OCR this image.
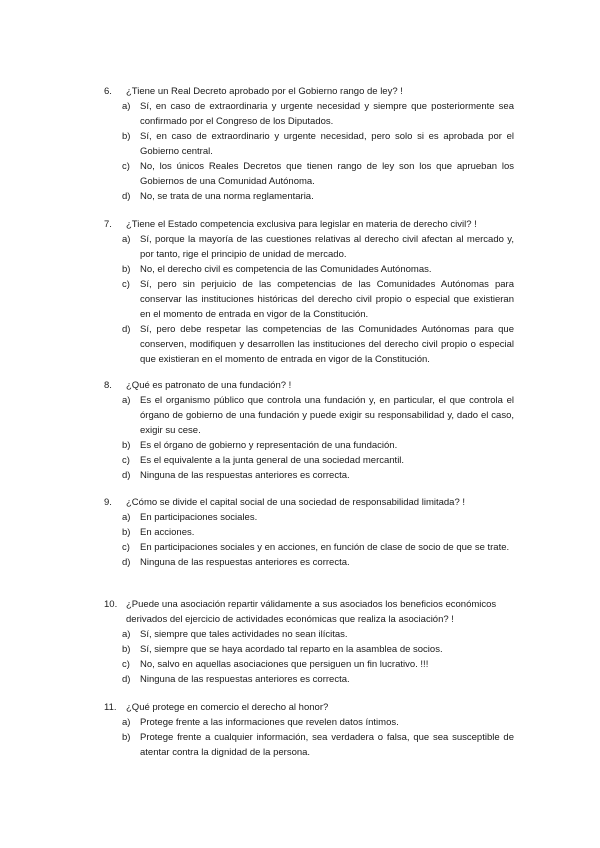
6.	¿Tiene un Real Decreto aprobado por el Gobierno rango de ley? !
a)	Sí, en caso de extraordinaria y urgente necesidad y siempre que posteriormente sea confirmado por el Congreso de los Diputados.
b)	Sí, en caso de extraordinario y urgente necesidad, pero solo si es aprobada por el Gobierno central.
c)	No, los únicos Reales Decretos que tienen rango de ley son los que aprueban los Gobiernos de una Comunidad Autónoma.
d)	No, se trata de una norma reglamentaria.
7.	¿Tiene el Estado competencia exclusiva para legislar en materia de derecho civil? !
a)	Sí, porque la mayoría de las cuestiones relativas al derecho civil afectan al mercado y, por tanto, rige el principio de unidad de mercado.
b)	No, el derecho civil es competencia de las Comunidades Autónomas.
c)	Sí, pero sin perjuicio de las competencias de las Comunidades Autónomas para conservar las instituciones históricas del derecho civil propio o especial que existieran en el momento de entrada en vigor de la Constitución.
d)	Sí, pero debe respetar las competencias de las Comunidades Autónomas para que conserven, modifiquen y desarrollen las instituciones del derecho civil propio o especial que existieran en el momento de entrada en vigor de la Constitución.
8.	¿Qué es patronato de una fundación? !
a)	Es el organismo público que controla una fundación y, en particular, el que controla el órgano de gobierno de una fundación y puede exigir su responsabilidad y, dado el caso, exigir su cese.
b)	Es el órgano de gobierno y representación de una fundación.
c)	Es el equivalente a la junta general de una sociedad mercantil.
d)	Ninguna de las respuestas anteriores es correcta.
9.	¿Cómo se divide el capital social de una sociedad de responsabilidad limitada? !
a)	En participaciones sociales.
b)	En acciones.
c)	En participaciones sociales y en acciones, en función de clase de socio de que se trate.
d)	Ninguna de las respuestas anteriores es correcta.
10. ¿Puede una asociación repartir válidamente a sus asociados los beneficios económicos derivados del ejercicio de actividades económicas que realiza la asociación? !
a)	Sí, siempre que tales actividades no sean ilícitas.
b)	Sí, siempre que se haya acordado tal reparto en la asamblea de socios.
c)	No, salvo en aquellas asociaciones que persiguen un fin lucrativo. !!!
d)	Ninguna de las respuestas anteriores es correcta.
11. ¿Qué protege en comercio el derecho al honor?
a)	Protege frente a las informaciones que revelen datos íntimos.
b)	Protege frente a cualquier información, sea verdadera o falsa, que sea susceptible de atentar contra la dignidad de la persona.
